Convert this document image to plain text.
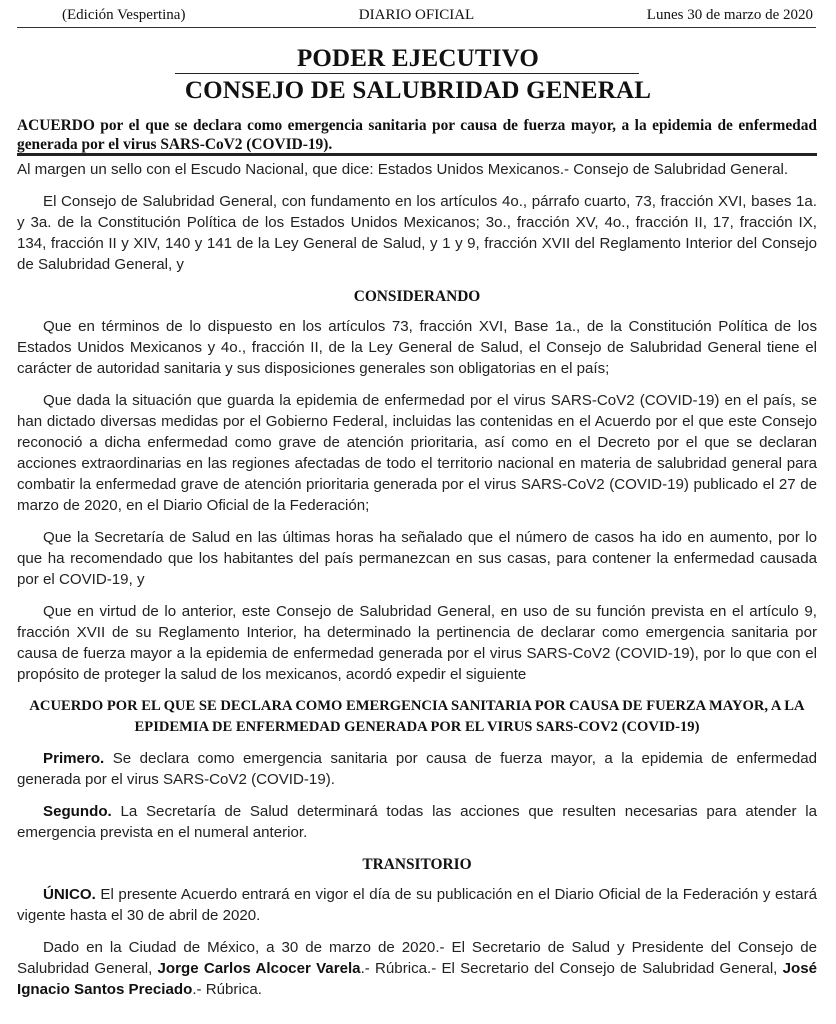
(Edición Vespertina)	DIARIO OFICIAL	Lunes 30 de marzo de 2020
PODER EJECUTIVO
CONSEJO DE SALUBRIDAD GENERAL
ACUERDO por el que se declara como emergencia sanitaria por causa de fuerza mayor, a la epidemia de enfermedad generada por el virus SARS-CoV2 (COVID-19).

Al margen un sello con el Escudo Nacional, que dice: Estados Unidos Mexicanos.- Consejo de Salubridad General.

El Consejo de Salubridad General, con fundamento en los artículos 4o., párrafo cuarto, 73, fracción XVI, bases 1a. y 3a. de la Constitución Política de los Estados Unidos Mexicanos; 3o., fracción XV, 4o., fracción II, 17, fracción IX, 134, fracción II y XIV, 140 y 141 de la Ley General de Salud, y 1 y 9, fracción XVII del Reglamento Interior del Consejo de Salubridad General, y

CONSIDERANDO

Que en términos de lo dispuesto en los artículos 73, fracción XVI, Base 1a., de la Constitución Política de los Estados Unidos Mexicanos y 4o., fracción II, de la Ley General de Salud, el Consejo de Salubridad General tiene el carácter de autoridad sanitaria y sus disposiciones generales son obligatorias en el país;

Que dada la situación que guarda la epidemia de enfermedad por el virus SARS-CoV2 (COVID-19) en el país, se han dictado diversas medidas por el Gobierno Federal, incluidas las contenidas en el Acuerdo por el que este Consejo reconoció a dicha enfermedad como grave de atención prioritaria, así como en el Decreto por el que se declaran acciones extraordinarias en las regiones afectadas de todo el territorio nacional en materia de salubridad general para combatir la enfermedad grave de atención prioritaria generada por el virus SARS-CoV2 (COVID-19) publicado el 27 de marzo de 2020, en el Diario Oficial de la Federación;

Que la Secretaría de Salud en las últimas horas ha señalado que el número de casos ha ido en aumento, por lo que ha recomendado que los habitantes del país permanezcan en sus casas, para contener la enfermedad causada por el COVID-19, y

Que en virtud de lo anterior, este Consejo de Salubridad General, en uso de su función prevista en el artículo 9, fracción XVII de su Reglamento Interior, ha determinado la pertinencia de declarar como emergencia sanitaria por causa de fuerza mayor a la epidemia de enfermedad generada por el virus SARS-CoV2 (COVID-19), por lo que con el propósito de proteger la salud de los mexicanos, acordó expedir el siguiente

ACUERDO POR EL QUE SE DECLARA COMO EMERGENCIA SANITARIA POR CAUSA DE FUERZA MAYOR, A LA EPIDEMIA DE ENFERMEDAD GENERADA POR EL VIRUS SARS-COV2 (COVID-19)

Primero. Se declara como emergencia sanitaria por causa de fuerza mayor, a la epidemia de enfermedad generada por el virus SARS-CoV2 (COVID-19).

Segundo. La Secretaría de Salud determinará todas las acciones que resulten necesarias para atender la emergencia prevista en el numeral anterior.

TRANSITORIO

ÚNICO. El presente Acuerdo entrará en vigor el día de su publicación en el Diario Oficial de la Federación y estará vigente hasta el 30 de abril de 2020.

Dado en la Ciudad de México, a 30 de marzo de 2020.- El Secretario de Salud y Presidente del Consejo de Salubridad General, Jorge Carlos Alcocer Varela.- Rúbrica.- El Secretario del Consejo de Salubridad General, José Ignacio Santos Preciado.- Rúbrica.
